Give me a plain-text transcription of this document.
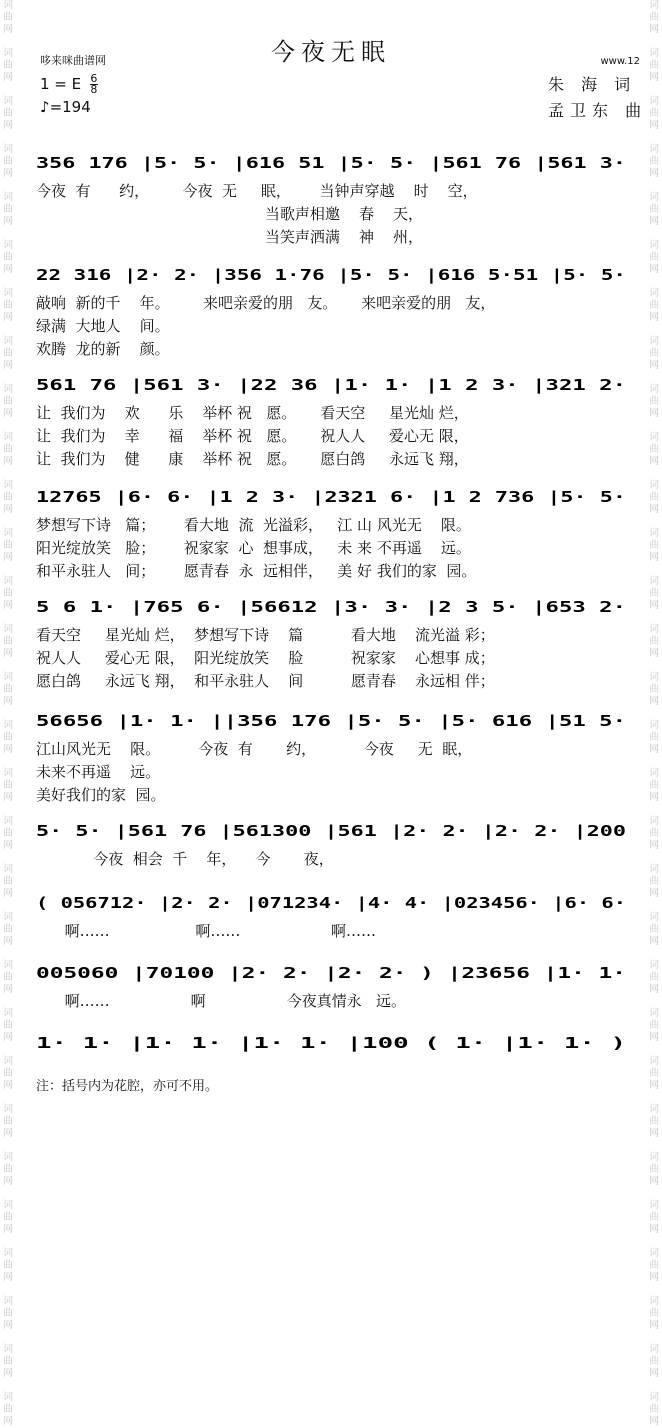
词
曲
网

词
曲
网

词
曲
网

词
曲
网

词
曲
网

词
曲
网

词
曲
网

词
曲
网

词
曲
网

词
曲
网

词
曲
网

词
曲
网

词
曲
网

词
曲
网

词
曲
网

词
曲
网

词
曲
网

词
曲
网

词
曲
网

词
曲
网

词
曲
网

词
曲
网

词
曲
网

词
曲
网

词
曲
网

词
曲
网

词
曲
网

词
曲
网

词
曲
网

词
曲
网

词
曲
网

词
曲
网

词
曲
网

词
曲
网

词
曲
网

词
曲
网

词
曲
网

词
曲
网

词
曲
网

词
曲
网

词
曲
网

词
曲
网

词
曲
网

词
曲
网

词
曲
网

词
曲
网

词
曲
网

词
曲
网

词
曲
网

词
曲
网

词
曲
网

词
曲
网

词
曲
网

词
曲
网

词
曲
网

词
曲
网

词
曲
网

词
曲
网

词
曲
网

词
曲
网

今夜无眠
哆来咪曲谱网	www.12
1 = E $\frac{6}{8}$
♪=194
朱 海 词
孟卫东 曲
356 176 |5· 5· |616 51 |5· 5· |561 76 |561 3·
今夜  有      约，       今夜  无     眠，      当钟声穿越    时    空，
当歌声相邀    春    天，
当笑声洒满    神    州，
22 316 |2· 2· |356 1·76 |5· 5· |616 5·51 |5· 5·
敲响  新的千    年。       来吧亲爱的朋   友。     来吧亲爱的朋   友，
绿满  大地人    间。
欢腾  龙的新    颜。
561 76 |561 3· |22 36 |1· 1· |1 2 3· |321 2·
让  我们为    欢      乐    举杯 祝   愿。     看天空     星光灿 烂，
让  我们为    幸      福    举杯 祝   愿。     祝人人     爱心无 限，
让  我们为    健      康    举杯 祝   愿。     愿白鸽     永远飞 翔，
12765 |6· 6· |1 2 3· |2321 6· |1 2 736 |5· 5·
梦想写下诗   篇；      看大地  流  光溢彩，   江 山 风光无    限。
阳光绽放笑   脸；      祝家家  心  想事成，   未 来 不再遥    远。
和平永驻人   间；      愿青春  永  远相伴，   美 好 我们的家  园。
5 6 1· |765 6· |56612 |3· 3· |2 3 5· |653 2·
看天空     星光灿 烂，  梦想写下诗    篇          看大地    流光溢 彩；
祝人人     爱心无 限，  阳光绽放笑    脸          祝家家    心想事 成；
愿白鸽     永远飞 翔，  和平永驻人    间          愿青春    永远相 伴；
56656 |1· 1· ||356 176 |5· 5· |5· 616 |51 5·
江山风光无    限。        今夜  有       约，          今夜     无  眠，
未来不再遥    远。
美好我们的家  园。
5· 5· |561 76 |561300 |561 |2· 2· |2· 2· |200
今夜  相会  千    年，    今       夜，
( 056712· |2· 2· |071234· |4· 4· |023456· |6· 6·
啊……                  啊……                   啊……
005060 |70100 |2· 2· |2· 2· ) |23656 |1· 1·
啊……                 啊                 今夜真情永   远。
1· 1· |1· 1· |1· 1· |100 ( 1· |1· 1· )
注：括号内为花腔，亦可不用。
